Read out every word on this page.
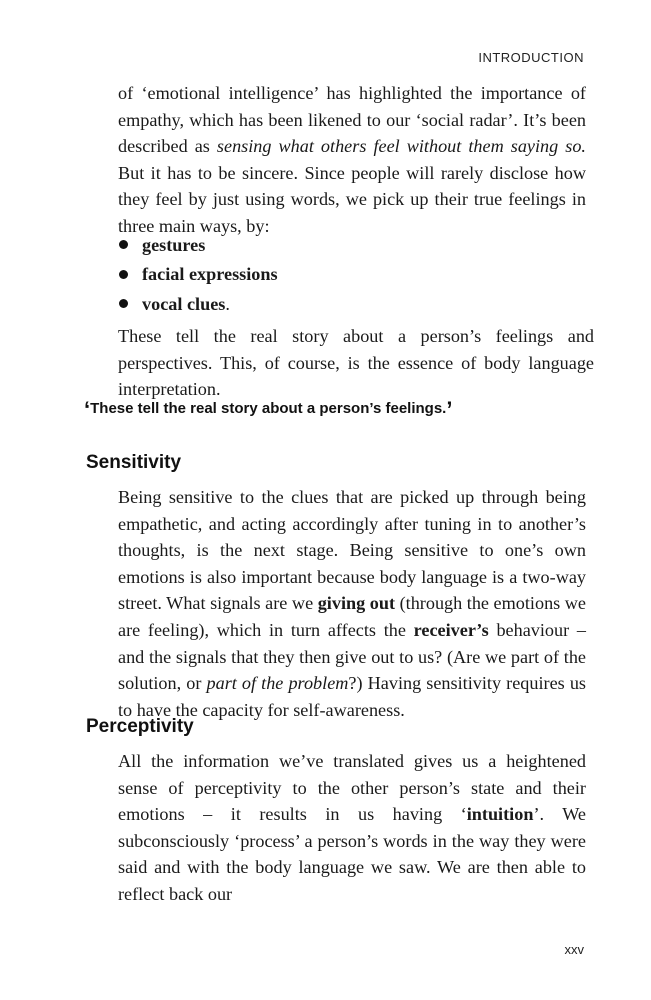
INTRODUCTION

of ‘emotional intelligence’ has highlighted the importance of empathy, which has been likened to our ‘social radar’. It’s been described as sensing what others feel without them saying so. But it has to be sincere. Since people will rarely disclose how they feel by just using words, we pick up their true feelings in three main ways, by:

gestures
facial expressions
vocal clues .

These tell the real story about a person’s feelings and perspectives. This, of course, is the essence of body language interpretation.

‘These tell the real story about a person’s feelings.’
Sensitivity

Being sensitive to the clues that are picked up through being empathetic, and acting accordingly after tuning in to another’s thoughts, is the next stage. Being sensitive to one’s own emotions is also important because body language is a two-way street. What signals are we giving out (through the emotions we are feeling), which in turn affects the receiver’s behaviour – and the signals that they then give out to us? (Are we part of the solution, or part of the problem?) Having sensitivity requires us to have the capacity for self-awareness.

Perceptivity

All the information we’ve translated gives us a heightened sense of perceptivity to the other person’s state and their emotions – it results in us having ‘intuition’. We subconsciously ‘process’ a person’s words in the way they were said and with the body language we saw. We are then able to reflect back our

xxv
